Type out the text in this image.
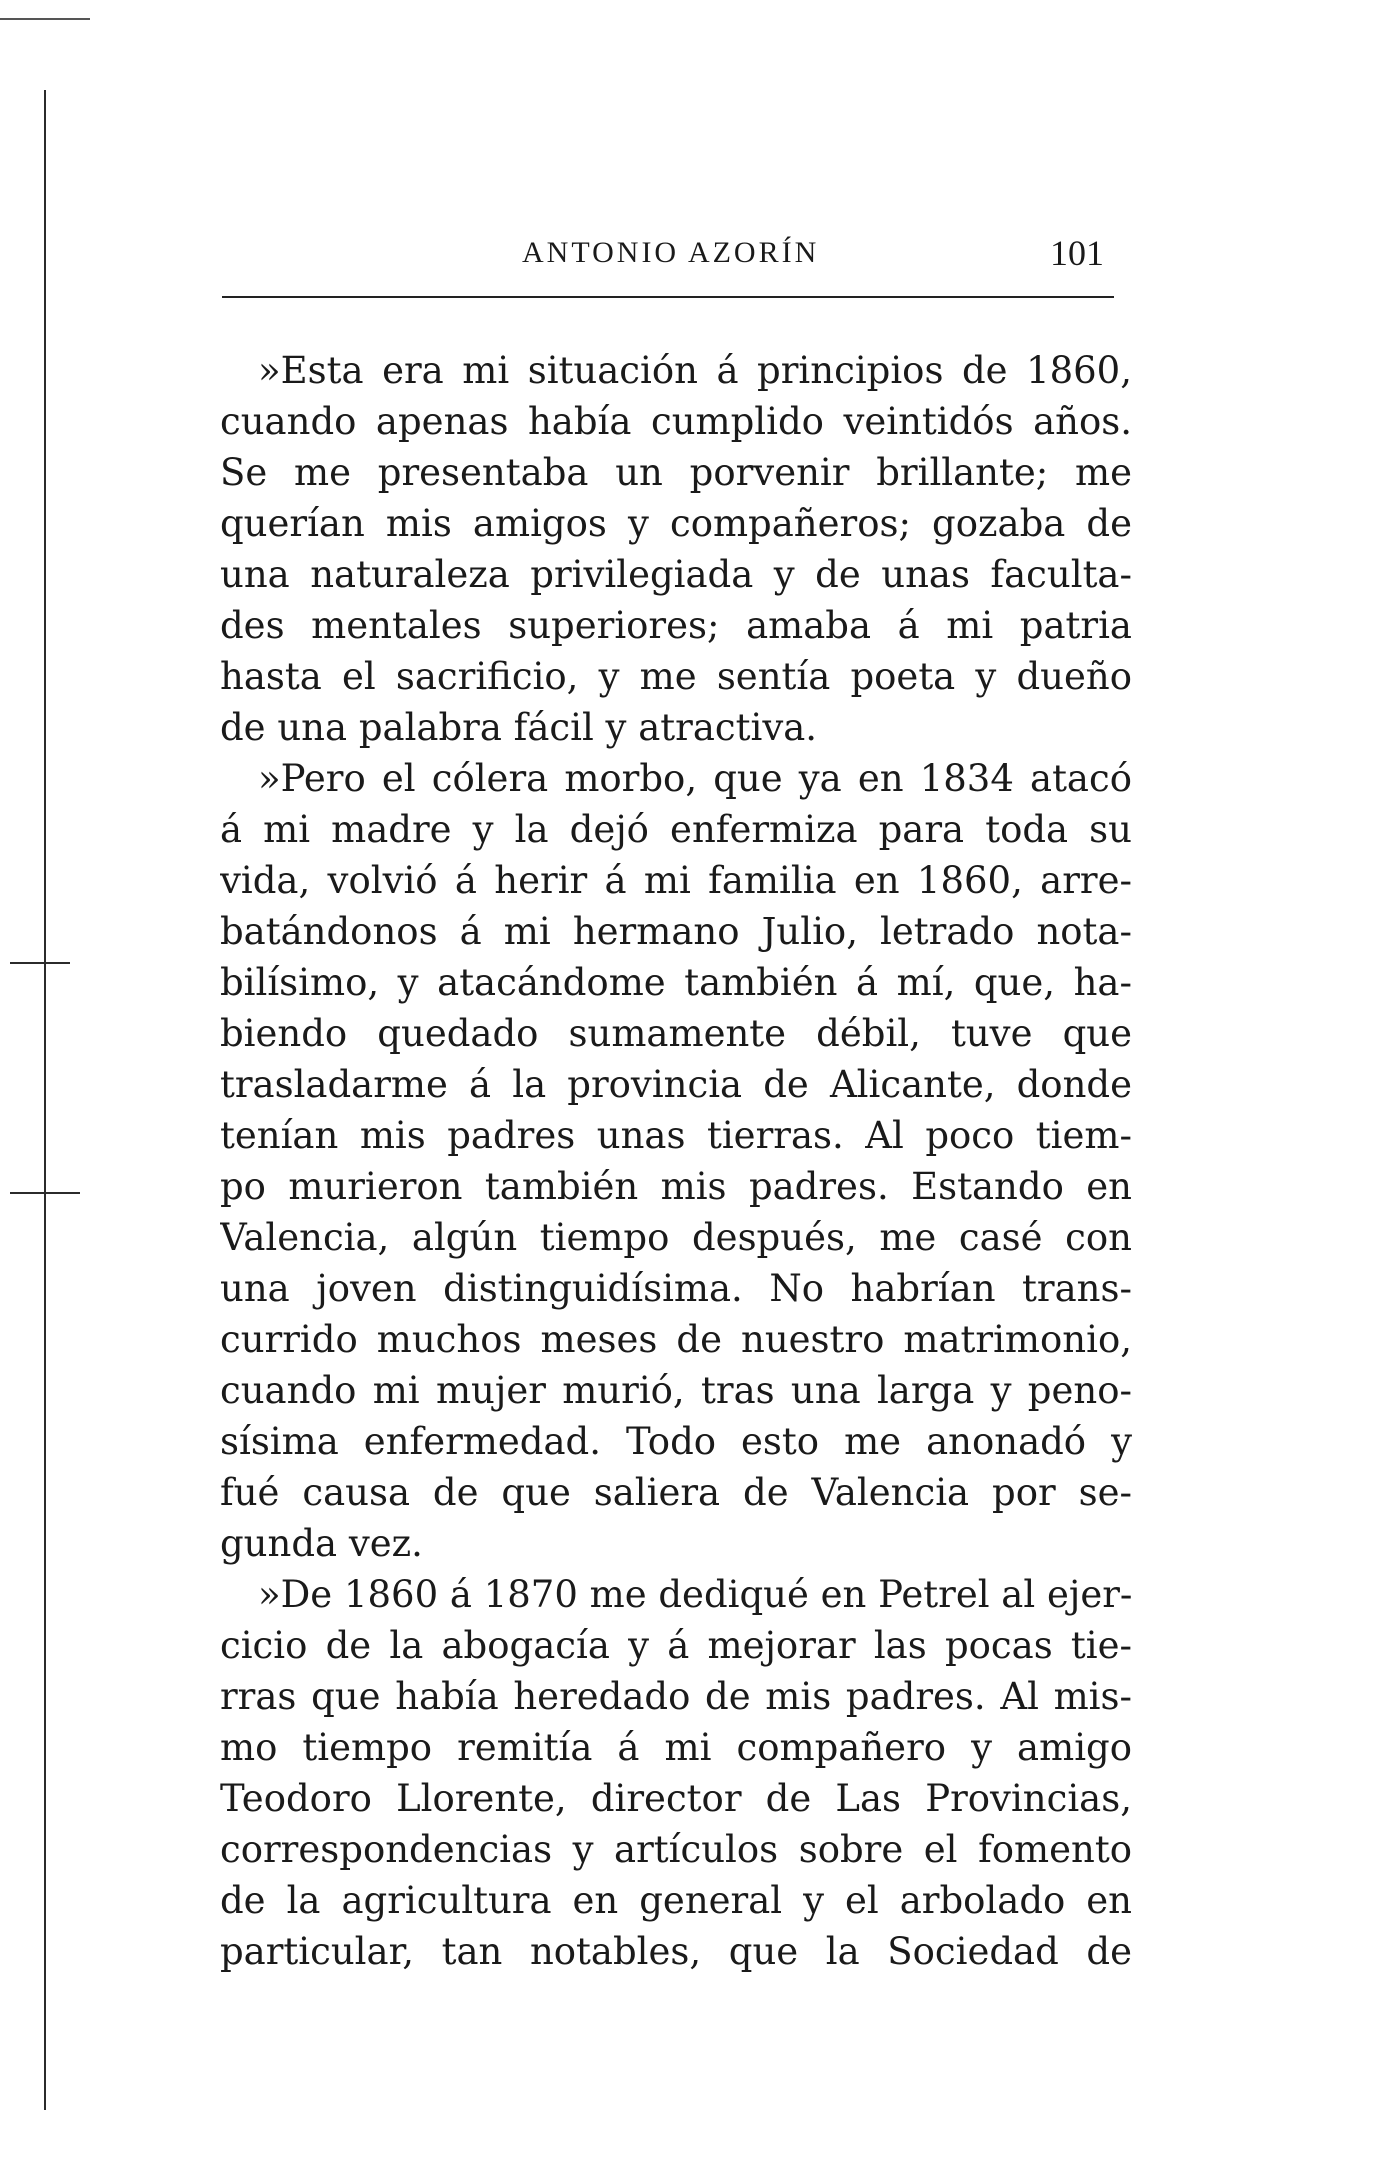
ANTONIO AZORÍN	101
»Esta era mi situación á principios de 1860,
cuando apenas había cumplido veintidós años.
Se me presentaba un porvenir brillante; me
querían mis amigos y compañeros; gozaba de
una naturaleza privilegiada y de unas faculta-
des mentales superiores; amaba á mi patria
hasta el sacrificio, y me sentía poeta y dueño
de una palabra fácil y atractiva.
»Pero el cólera morbo, que ya en 1834 atacó
á mi madre y la dejó enfermiza para toda su
vida, volvió á herir á mi familia en 1860, arre-
batándonos á mi hermano Julio, letrado nota-
bilísimo, y atacándome también á mí, que, ha-
biendo quedado sumamente débil, tuve que
trasladarme á la provincia de Alicante, donde
tenían mis padres unas tierras. Al poco tiem-
po murieron también mis padres. Estando en
Valencia, algún tiempo después, me casé con
una joven distinguidísima. No habrían trans-
currido muchos meses de nuestro matrimonio,
cuando mi mujer murió, tras una larga y peno-
sísima enfermedad. Todo esto me anonadó y
fué causa de que saliera de Valencia por se-
gunda vez.
»De 1860 á 1870 me dediqué en Petrel al ejer-
cicio de la abogacía y á mejorar las pocas tie-
rras que había heredado de mis padres. Al mis-
mo tiempo remitía á mi compañero y amigo
Teodoro Llorente, director de Las Provincias,
correspondencias y artículos sobre el fomento
de la agricultura en general y el arbolado en
particular, tan notables, que la Sociedad de
